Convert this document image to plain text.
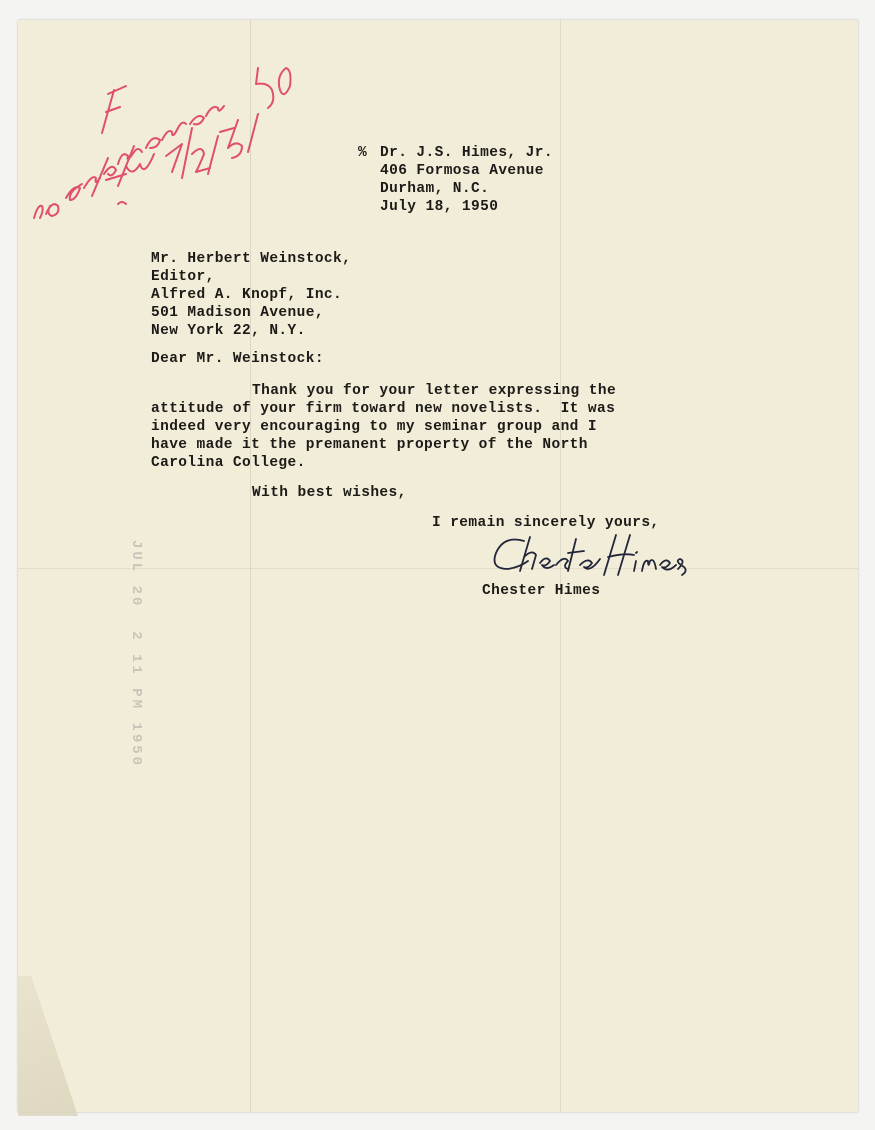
JUL 20  2 11 PM 1950

% Dr. J.S. Himes, Jr.

406 Formosa Avenue

Durham, N.C.

July 18, 1950

Mr. Herbert Weinstock,

Editor,

Alfred A. Knopf, Inc.

501 Madison Avenue,

New York 22, N.Y.

Dear Mr. Weinstock:

Thank you for your letter expressing the

attitude of your firm toward new novelists.  It was

indeed very encouraging to my seminar group and I

have made it the premanent property of the North

Carolina College.

With best wishes,

I remain sincerely yours,

Chester Himes
